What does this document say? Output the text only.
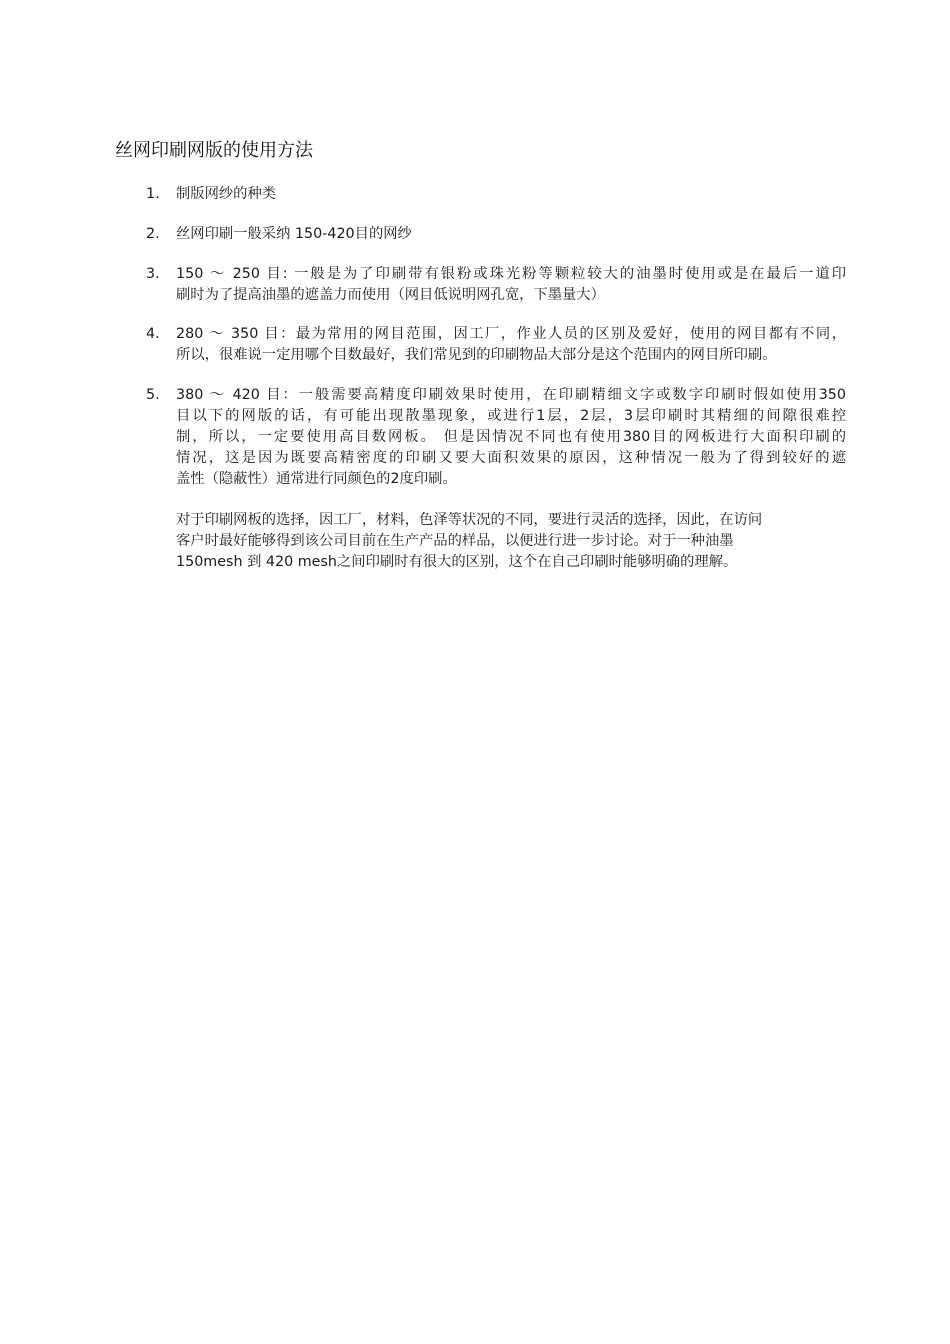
丝网印刷网版的使用方法
1.	制版网纱的种类
2.	丝网印刷一般采纳 150-420目的网纱
3.	150 ～ 250 目: 一般是为了印刷带有银粉或珠光粉等颗粒较大的油墨时使用或是在最后一道印
刷时为了提高油墨的遮盖力而使用（网目低说明网孔宽，下墨量大）
4.	280 ～ 350 目：最为常用的网目范围，因工厂，作业人员的区别及爱好，使用的网目都有不同，
所以，很难说一定用哪个目数最好，我们常见到的印刷物品大部分是这个范围内的网目所印刷。
5.	380 ～ 420 目：一般需要高精度印刷效果时使用，在印刷精细文字或数字印刷时假如使用350
目以下的网版的话，有可能出现散墨现象，或进行1层，2层，3层印刷时其精细的间隙很难控
制，所以，一定要使用高目数网板。 但是因情况不同也有使用380目的网板进行大面积印刷的
情况，这是因为既要高精密度的印刷又要大面积效果的原因，这种情况一般为了得到较好的遮
盖性（隐蔽性）通常进行同颜色的2度印刷。
对于印刷网板的选择，因工厂，材料，色泽等状况的不同，要进行灵活的选择，因此，在访问
客户时最好能够得到该公司目前在生产产品的样品，以便进行进一步讨论。对于一种油墨
150mesh 到 420 mesh之间印刷时有很大的区别，这个在自己印刷时能够明确的理解。
